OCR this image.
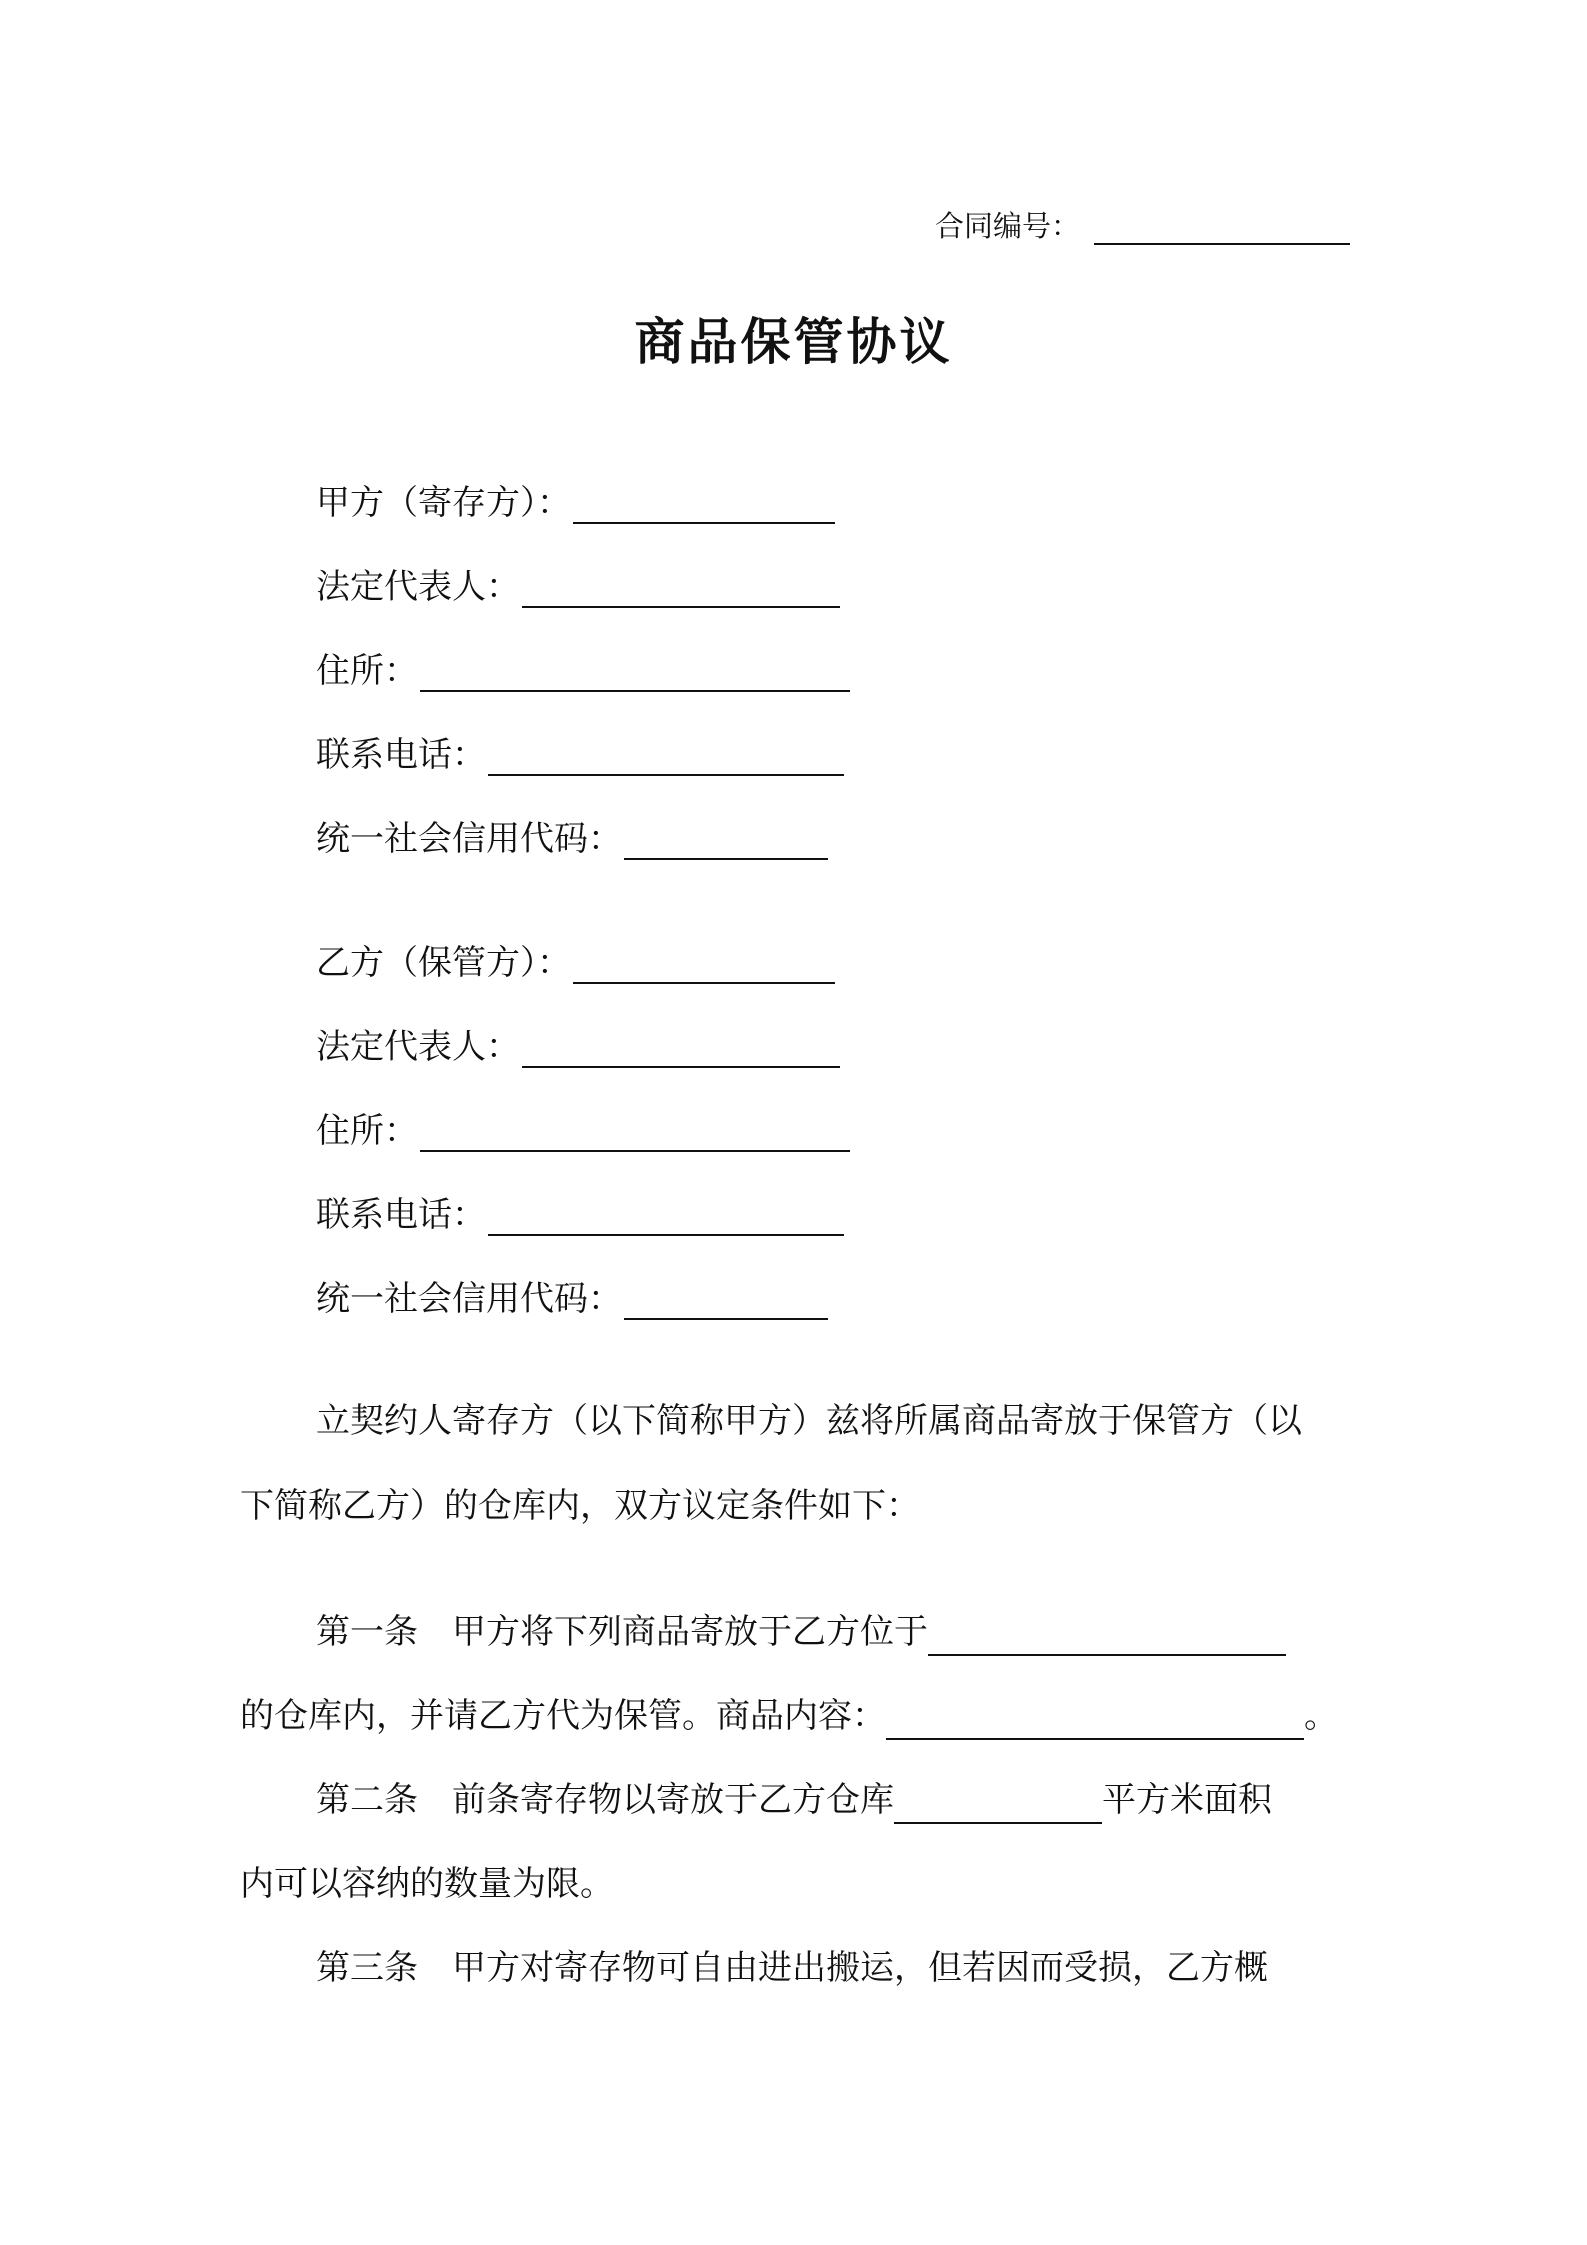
合同编号：
商品保管协议
甲方（寄存方）：
法定代表人：
住所：
联系电话：
统一社会信用代码：
乙方（保管方）：
法定代表人：
住所：
联系电话：
统一社会信用代码：
立契约人寄存方（以下简称甲方）兹将所属商品寄放于保管方（以
下简称乙方）的仓库内，双方议定条件如下：
第一条　甲方将下列商品寄放于乙方位于
的仓库内，并请乙方代为保管。商品内容：	。
第二条　前条寄存物以寄放于乙方仓库	平方米面积
内可以容纳的数量为限。
第三条　甲方对寄存物可自由进出搬运，但若因而受损，乙方概
